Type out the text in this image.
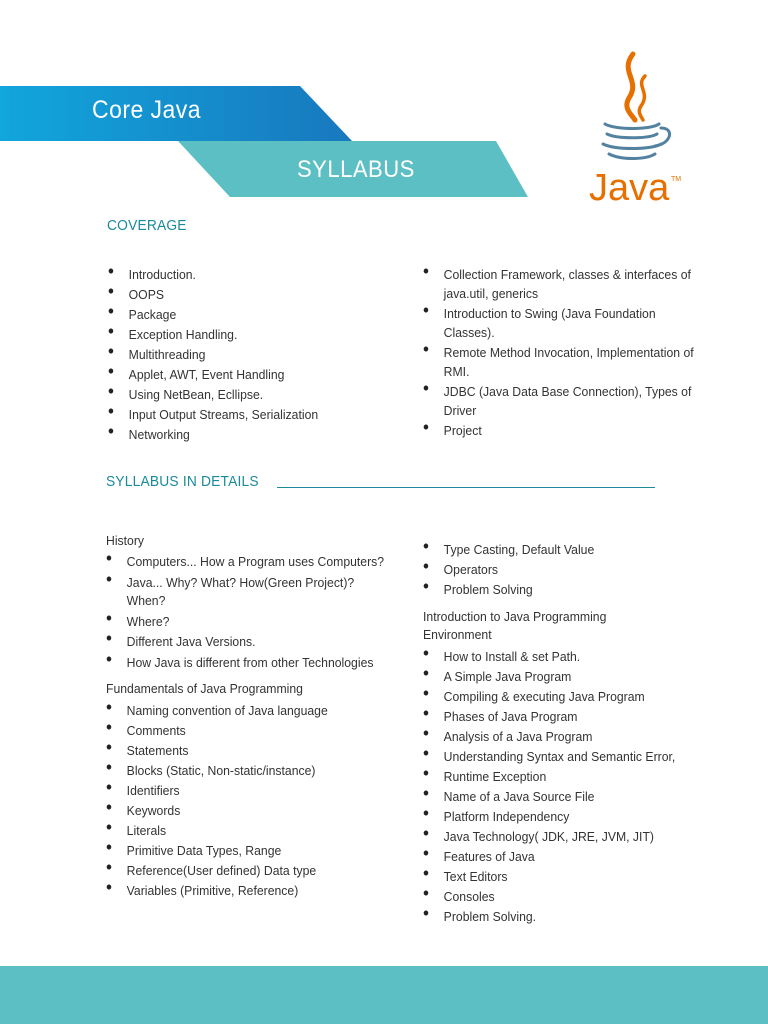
Core Java
SYLLABUS	Java TM
COVERAGE
• Introduction.
• OOPS
• Package
• Exception Handling.
• Multithreading
• Applet, AWT, Event Handling
• Using NetBean, Ecllipse.
• Input Output Streams, Serialization
• Networking
• Collection Framework, classes & interfaces of java.util, generics
• Introduction to Swing (Java Foundation Classes).
• Remote Method Invocation, Implementation of RMI.
• JDBC (Java Data Base Connection), Types of Driver
• Project
SYLLABUS IN DETAILS
History
• Computers... How a Program uses Computers?
• Java... Why? What? How(Green Project)? When?
• Where?
• Different Java Versions.
• How Java is different from other Technologies
Fundamentals of Java Programming
• Naming convention of Java language
• Comments
• Statements
• Blocks (Static, Non-static/instance)
• Identifiers
• Keywords
• Literals
• Primitive Data Types, Range
• Reference(User defined) Data type
• Variables (Primitive, Reference)
• Type Casting, Default Value
• Operators
• Problem Solving
Introduction to Java Programming Environment
• How to Install & set Path.
• A Simple Java Program
• Compiling & executing Java Program
• Phases of Java Program
• Analysis of a Java Program
• Understanding Syntax and Semantic Error,
• Runtime Exception
• Name of a Java Source File
• Platform Independency
• Java Technology( JDK, JRE, JVM, JIT)
• Features of Java
• Text Editors
• Consoles
• Problem Solving.
